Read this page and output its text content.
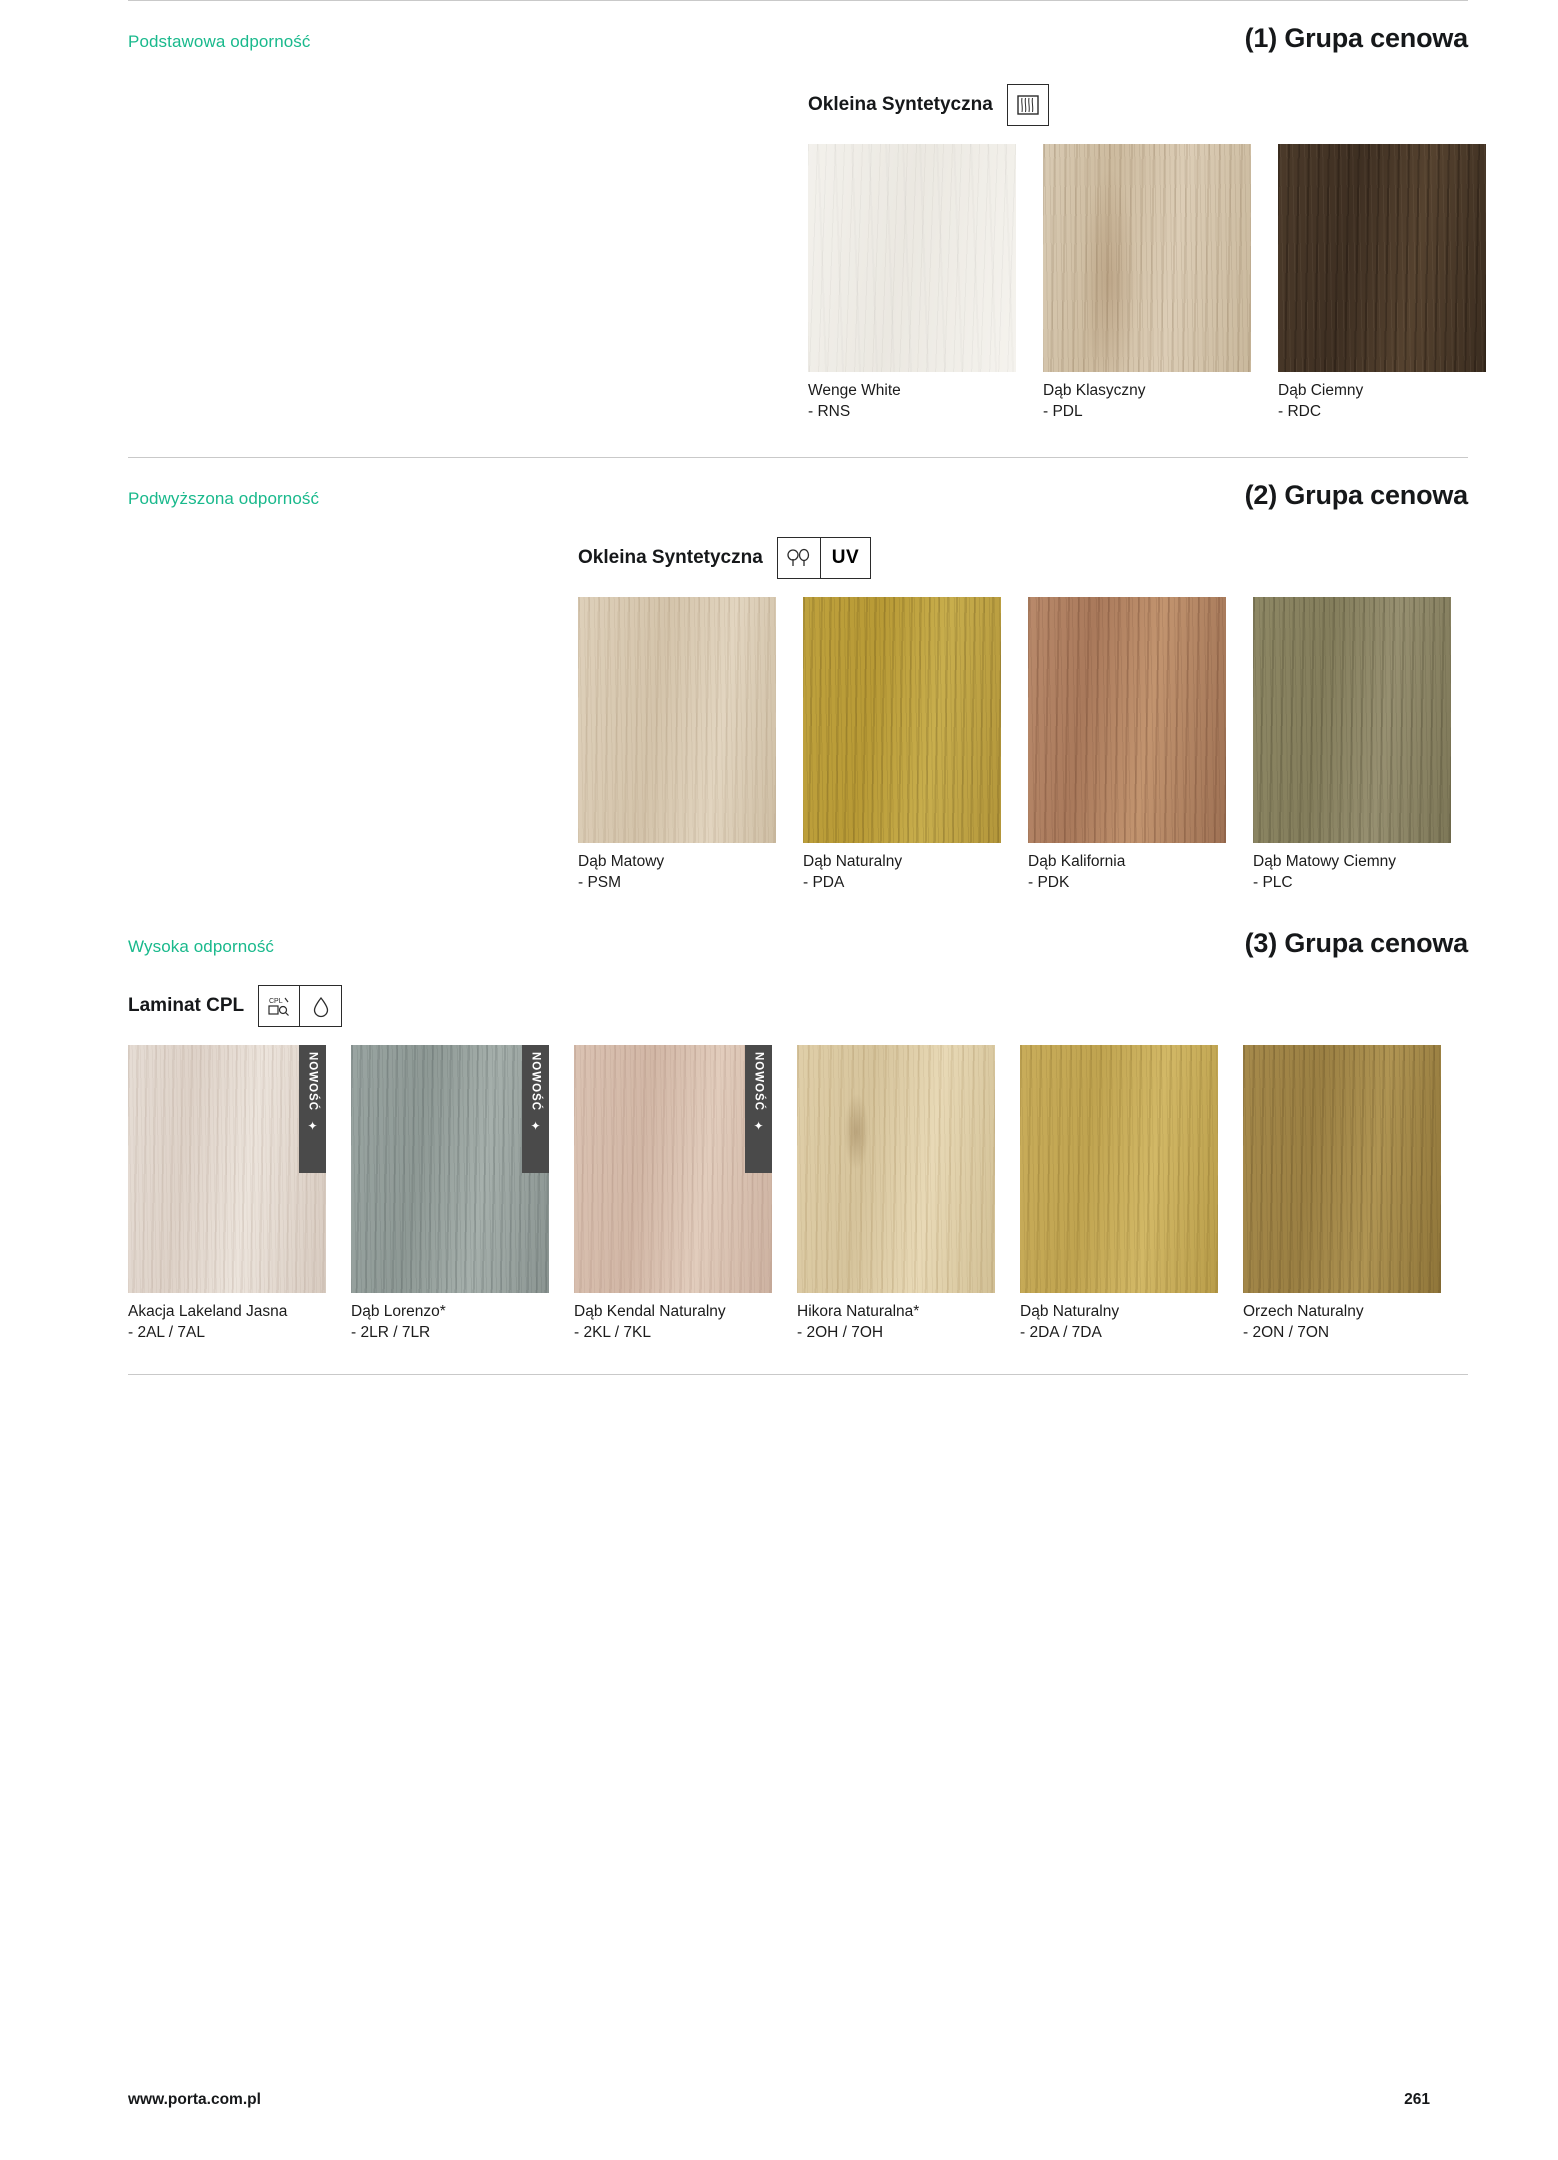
Podstawowa odporność	(1) Grupa cenowa
Okleina Syntetyczna
Wenge White
- RNS
Dąb Klasyczny
- PDL
Dąb Ciemny
- RDC
Podwyższona odporność	(2) Grupa cenowa
Okleina Syntetyczna	UV
Dąb Matowy
- PSM
Dąb Naturalny
- PDA
Dąb Kalifornia
- PDK
Dąb Matowy Ciemny
- PLC
Wysoka odporność	(3) Grupa cenowa
Laminat CPL	CPL
NOWOŚĆ
✦
Akacja Lakeland Jasna
- 2AL / 7AL
NOWOŚĆ
✦
Dąb Lorenzo*
- 2LR / 7LR
NOWOŚĆ
✦
Dąb Kendal Naturalny
- 2KL / 7KL
Hikora Naturalna*
- 2OH / 7OH
Dąb Naturalny
- 2DA / 7DA
Orzech Naturalny
- 2ON / 7ON
www.porta.com.pl	261
